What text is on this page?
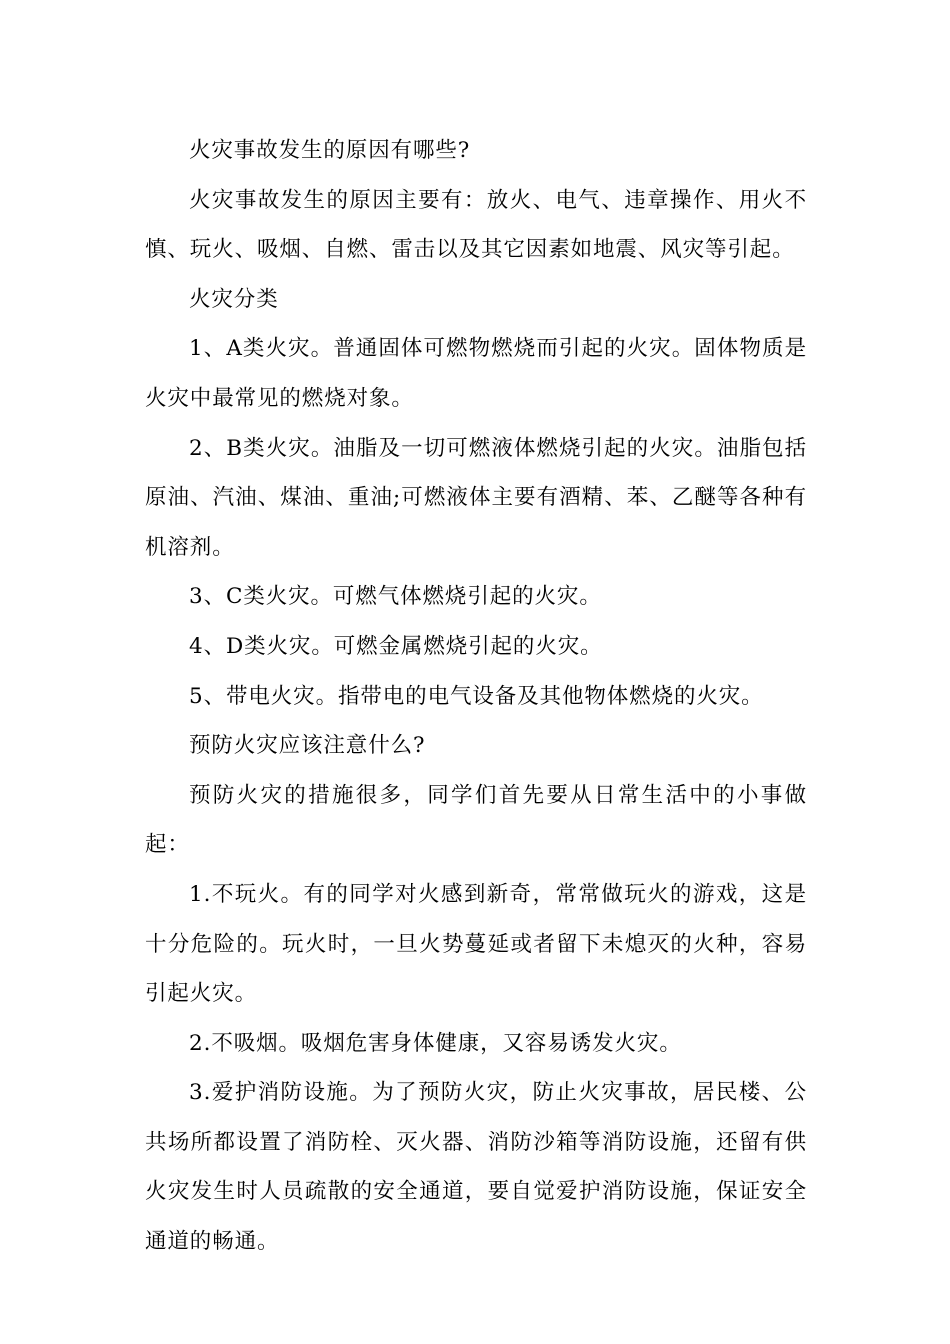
火灾事故发生的原因有哪些?

火灾事故发生的原因主要有：放火、电气、违章操作、用火不慎、玩火、吸烟、自燃、雷击以及其它因素如地震、风灾等引起。

火灾分类

1、A类火灾。普通固体可燃物燃烧而引起的火灾。固体物质是火灾中最常见的燃烧对象。

2、B类火灾。油脂及一切可燃液体燃烧引起的火灾。油脂包括原油、汽油、煤油、重油;可燃液体主要有酒精、苯、乙醚等各种有机溶剂。

3、C类火灾。可燃气体燃烧引起的火灾。

4、D类火灾。可燃金属燃烧引起的火灾。

5、带电火灾。指带电的电气设备及其他物体燃烧的火灾。

预防火灾应该注意什么?

预防火灾的措施很多，同学们首先要从日常生活中的小事做起：

1.不玩火。有的同学对火感到新奇，常常做玩火的游戏，这是十分危险的。玩火时，一旦火势蔓延或者留下未熄灭的火种，容易引起火灾。

2.不吸烟。吸烟危害身体健康，又容易诱发火灾。

3.爱护消防设施。为了预防火灾，防止火灾事故，居民楼、公共场所都设置了消防栓、灭火器、消防沙箱等消防设施，还留有供火灾发生时人员疏散的安全通道，要自觉爱护消防设施，保证安全通道的畅通。
